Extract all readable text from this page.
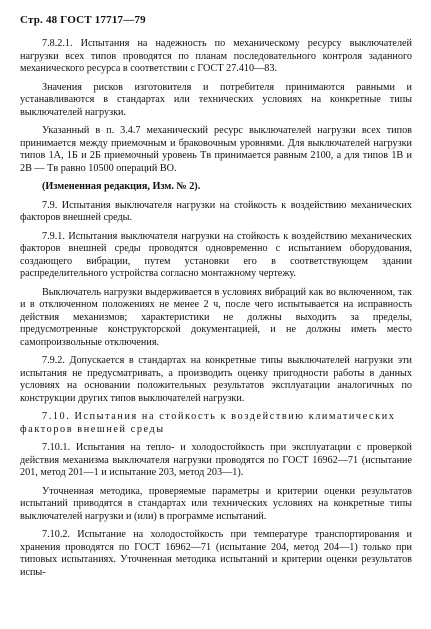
Стр. 48 ГОСТ 17717—79

7.8.2.1. Испытания на надежность по механическому ресурсу выключателей нагрузки всех типов проводятся по планам последовательного контроля заданного механического ресурса в соответствии с ГОСТ 27.410—83.

Значения рисков изготовителя и потребителя принимаются равными и устанавливаются в стандартах или технических условиях на конкретные типы выключателей нагрузки.

Указанный в п. 3.4.7 механический ресурс выключателей нагрузки всех типов принимается между приемочным и браковочным уровнями. Для выключателей нагрузки типов 1А, 1Б и 2Б приемочный уровень Tв принимается равным 2100, а для типов 1В и 2В — Tв равно 10500 операций ВО.

(Измененная редакция, Изм. № 2).

7.9. Испытания выключателя нагрузки на стойкость к воздействию механических факторов внешней среды.

7.9.1. Испытания выключателя нагрузки на стойкость к воздействию механических факторов внешней среды проводятся одновременно с испытанием оборудования, создающего вибрации, путем установки его в соответствующем здании распределительного устройства согласно монтажному чертежу.

Выключатель нагрузки выдерживается в условиях вибраций как во включенном, так и в отключенном положениях не менее 2 ч, после чего испытывается на исправность действия механизмов; характеристики не должны выходить за пределы, предусмотренные конструкторской документацией, и не должны иметь место самопроизвольные отключения.

7.9.2. Допускается в стандартах на конкретные типы выключателей нагрузки эти испытания не предусматривать, а производить оценку пригодности работы в данных условиях на основании положительных результатов эксплуатации аналогичных по конструкции других типов выключателей нагрузки.

7.10. Испытания на стойкость к воздействию климатических факторов внешней среды

7.10.1. Испытания на тепло- и холодостойкость при эксплуатации с проверкой действия механизма выключателя нагрузки проводятся по ГОСТ 16962—71 (испытание 201, метод 201—1 и испытание 203, метод 203—1).

Уточненная методика, проверяемые параметры и критерии оценки результатов испытаний приводятся в стандартах или технических условиях на конкретные типы выключателей нагрузки и (или) в программе испытаний.

7.10.2. Испытание на холодостойкость при температуре транспортирования и хранения проводятся по ГОСТ 16962—71 (испытание 204, метод 204—1) только при типовых испытаниях. Уточненная методика испытаний и критерии оценки результатов испы-
